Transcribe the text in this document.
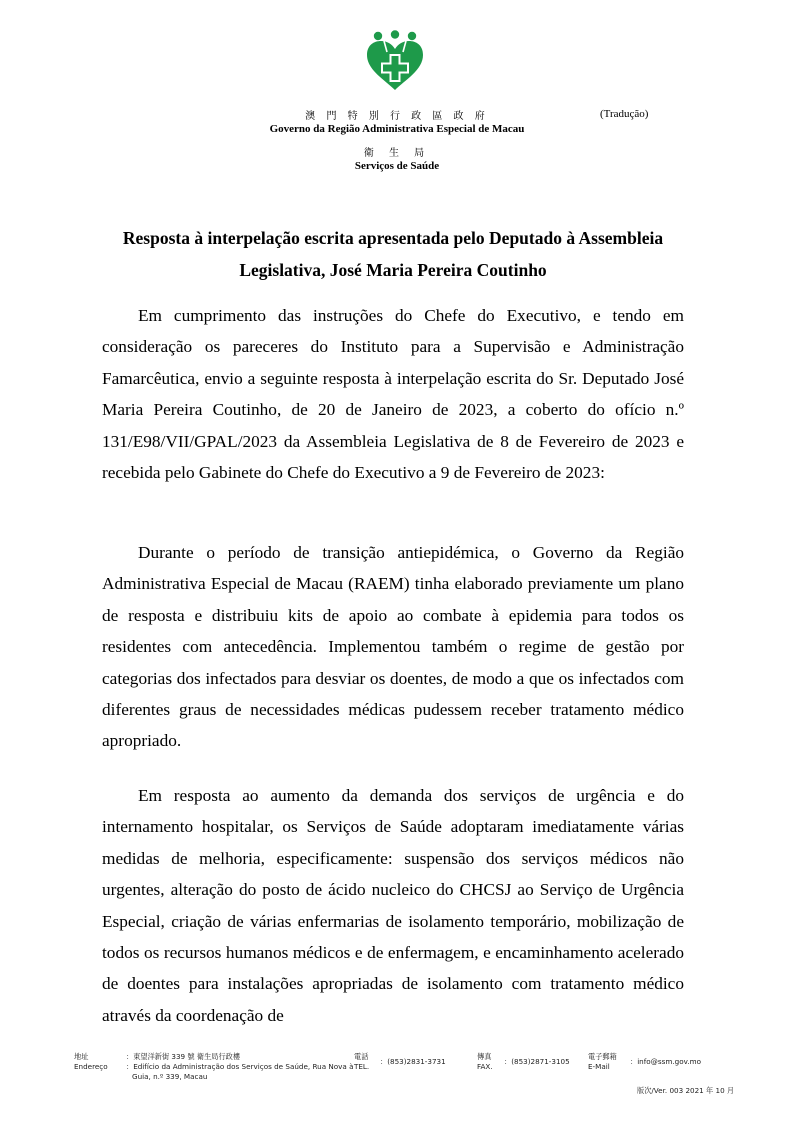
澳 門 特 別 行 政 區 政 府	(Tradução)
Governo da Região Administrativa Especial de Macau
衛 生 局
Serviços de Saúde
Resposta à interpelação escrita apresentada pelo Deputado à Assembleia Legislativa, José Maria Pereira Coutinho

Em cumprimento das instruções do Chefe do Executivo, e tendo em consideração os pareceres do Instituto para a Supervisão e Administração Famarcêutica, envio a seguinte resposta à interpelação escrita do Sr. Deputado José Maria Pereira Coutinho, de 20 de Janeiro de 2023, a coberto do ofício n.º 131/E98/VII/GPAL/2023 da Assembleia Legislativa de 8 de Fevereiro de 2023 e recebida pelo Gabinete do Chefe do Executivo a 9 de Fevereiro de 2023:

Durante o período de transição antiepidémica, o Governo da Região Administrativa Especial de Macau (RAEM) tinha elaborado previamente um plano de resposta e distribuiu kits de apoio ao combate à epidemia para todos os residentes com antecedência. Implementou também o regime de gestão por categorias dos infectados para desviar os doentes, de modo a que os infectados com diferentes graus de necessidades médicas pudessem receber tratamento médico apropriado.

Em resposta ao aumento da demanda dos serviços de urgência e do internamento hospitalar, os Serviços de Saúde adoptaram imediatamente várias medidas de melhoria, especificamente: suspensão dos serviços médicos não urgentes, alteração do posto de ácido nucleico do CHCSJ ao Serviço de Urgência Especial, criação de várias enfermarias de isolamento temporário, mobilização de todos os recursos humanos médicos e de enfermagem, e encaminhamento acelerado de doentes para instalações apropriadas de isolamento com tratamento médico através da coordenação de

地址
Endereço
：東望洋新街 339 號 衛生局行政樓
：Edifício da Administração dos Serviços de Saúde, Rua Nova à
Guia, n.º 339, Macau
電話
TEL.
：(853)2831-3731
傳真
FAX.
：(853)2871-3105
電子郵箱
E-Mail
：info@ssm.gov.mo
版次/Ver. 003 2021 年 10 月
